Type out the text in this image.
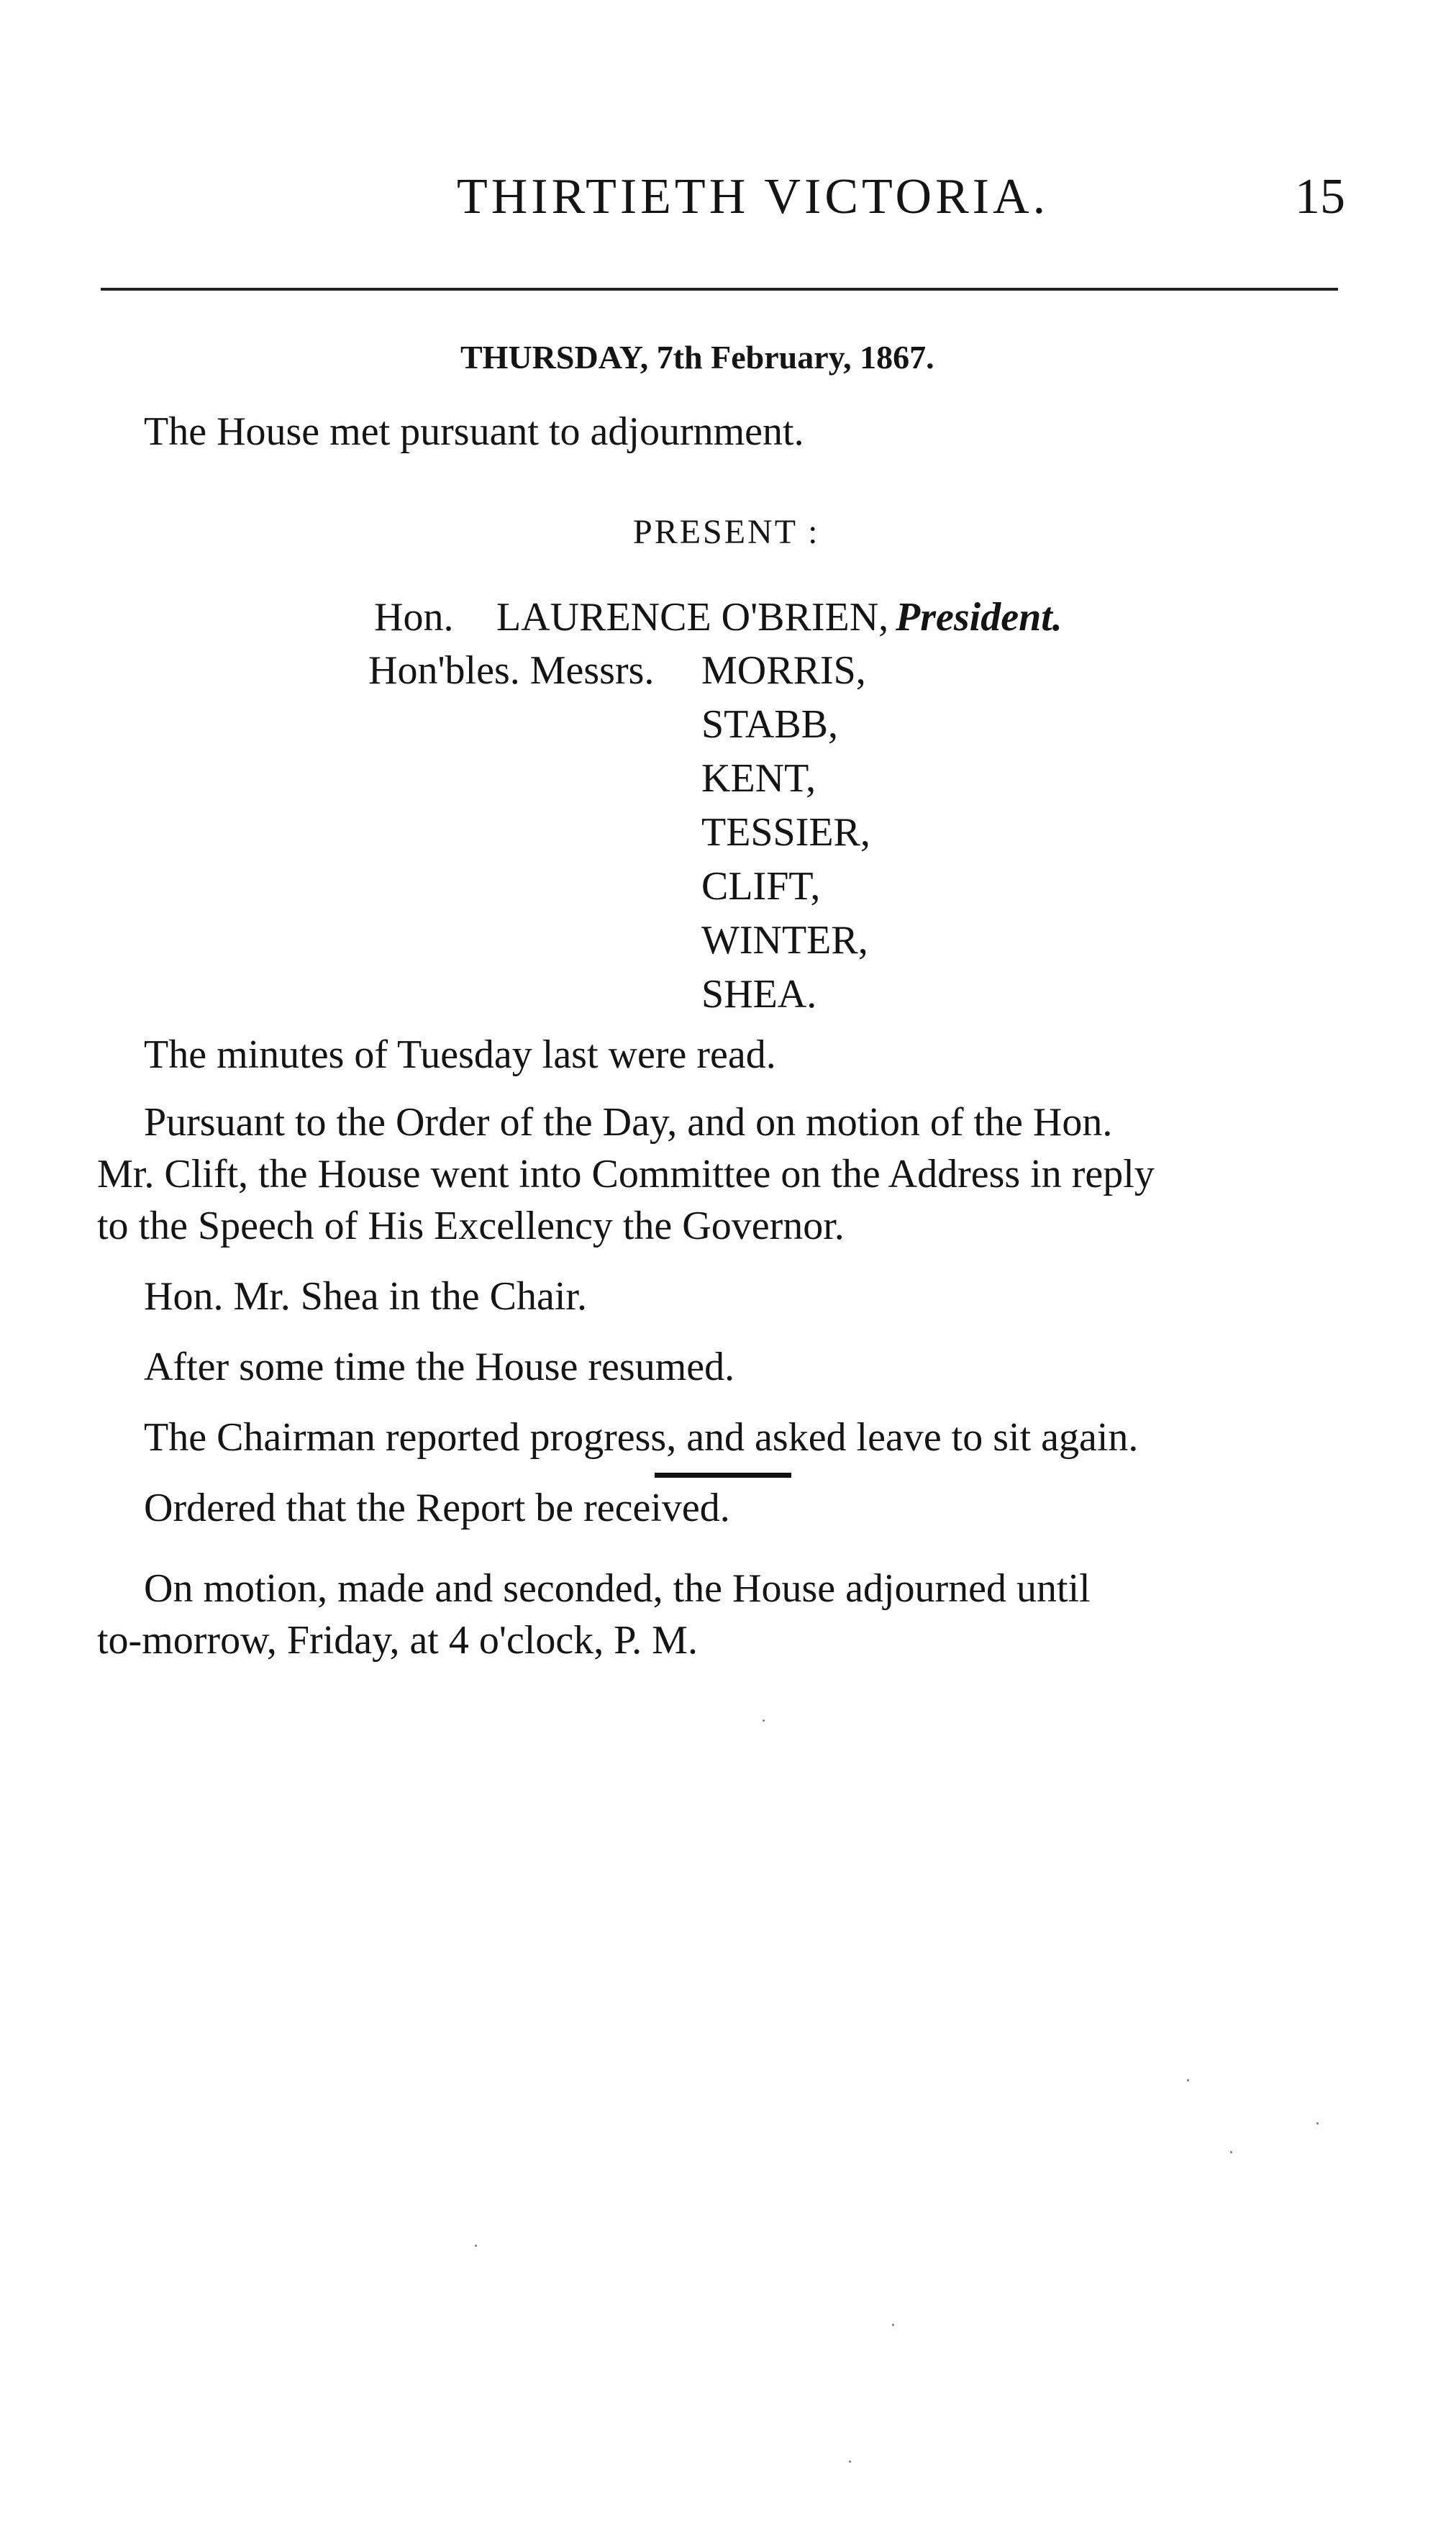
THIRTIETH VICTORIA.	15
THURSDAY, 7th February, 1867.
The House met pursuant to adjournment.
PRESENT :
Hon. LAURENCE O'BRIEN, President.
Hon'bles. Messrs. MORRIS,
STABB,
KENT,
TESSIER,
CLIFT,
WINTER,
SHEA.
The minutes of Tuesday last were read.
Pursuant to the Order of the Day, and on motion of the Hon.
Mr. Clift, the House went into Committee on the Address in reply
to the Speech of His Excellency the Governor.
Hon. Mr. Shea in the Chair.
After some time the House resumed.
The Chairman reported progress, and asked leave to sit again.
Ordered that the Report be received.
On motion, made and seconded, the House adjourned until
to-morrow, Friday, at 4 o'clock, P. M.
